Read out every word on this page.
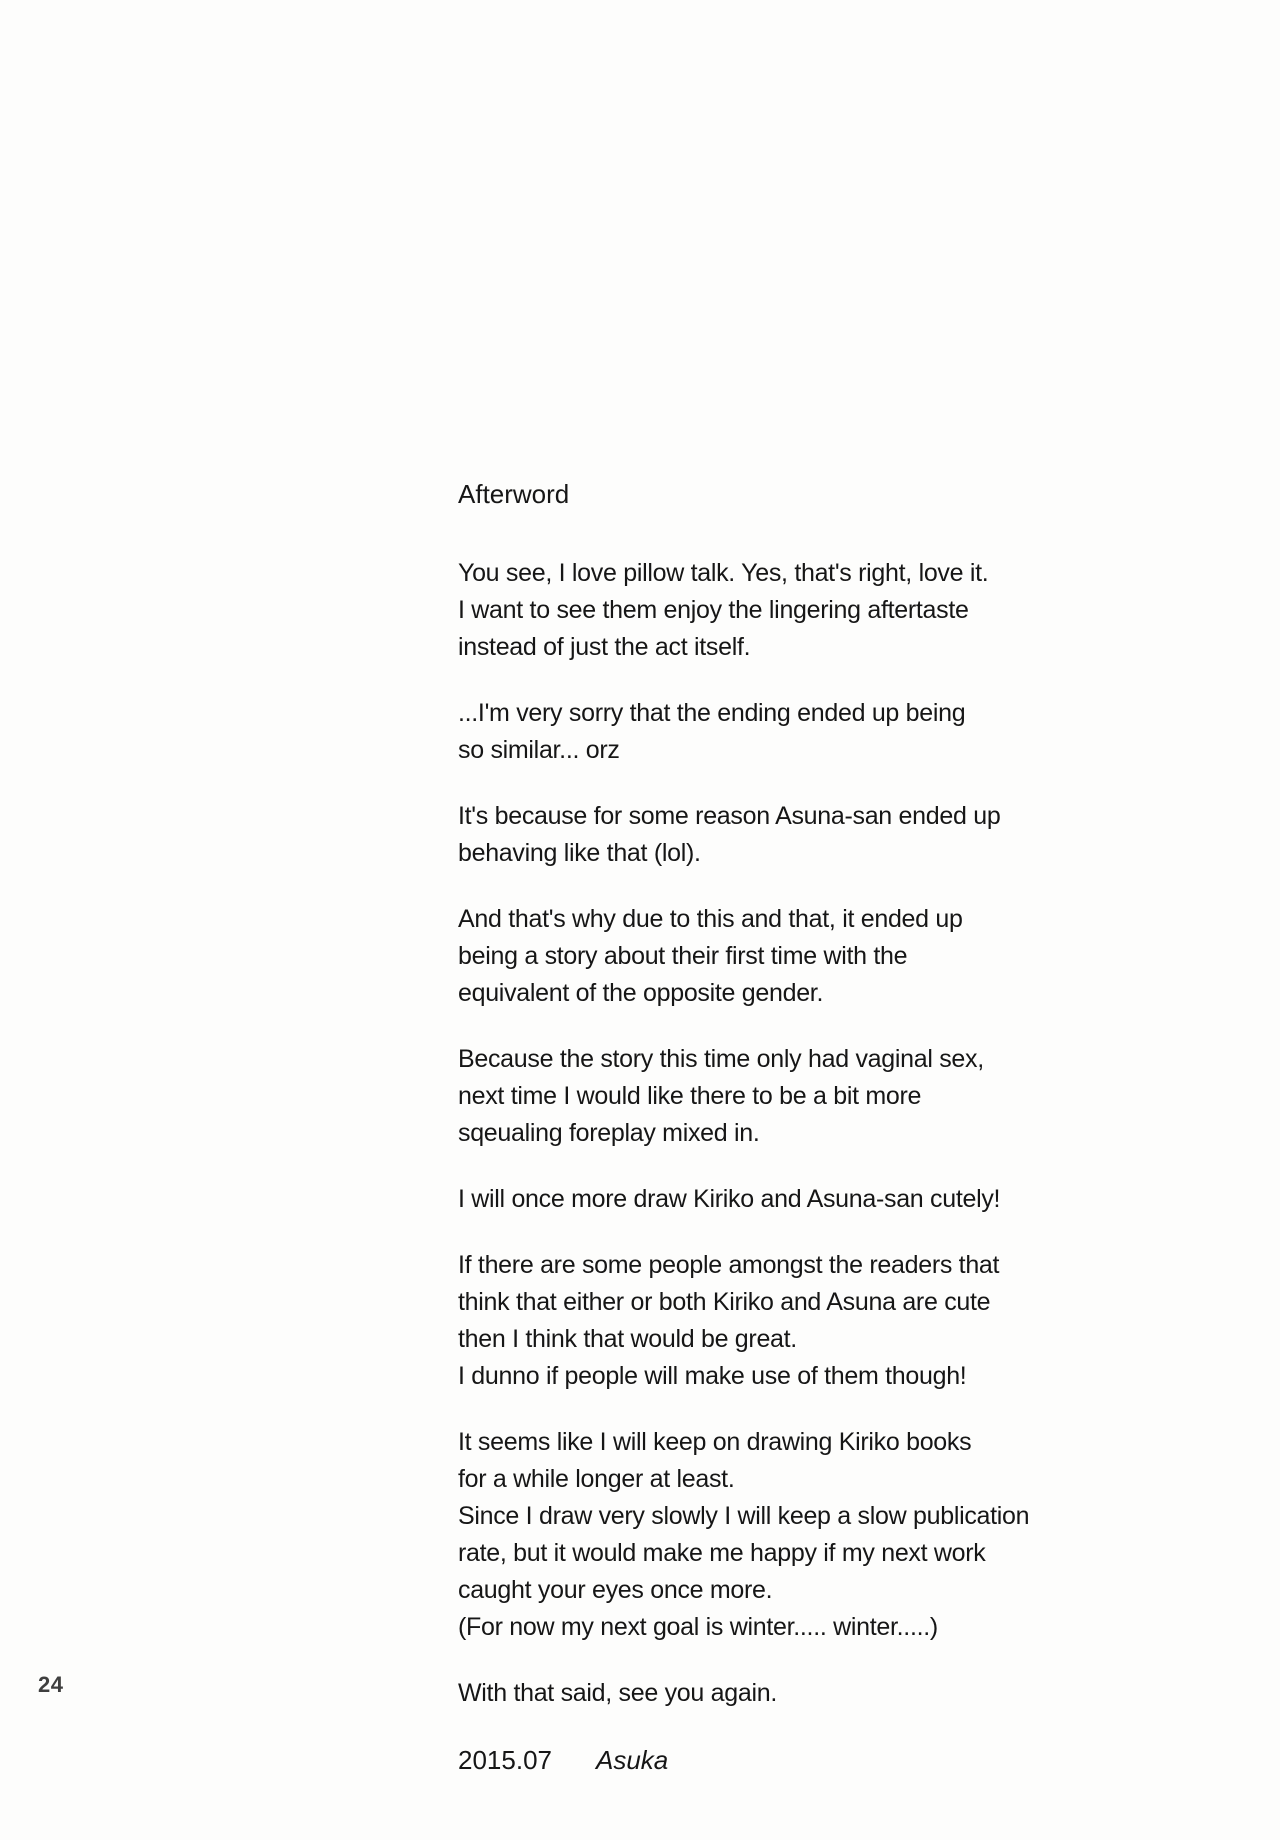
24
Afterword
You see, I love pillow talk. Yes, that's right, love it.
I want to see them enjoy the lingering aftertaste
instead of just the act itself.
...I'm very sorry that the ending ended up being
so similar... orz
It's because for some reason Asuna-san ended up
behaving like that (lol).
And that's why due to this and that, it ended up
being a story about their first time with the
equivalent of the opposite gender.
Because the story this time only had vaginal sex,
next time I would like there to be a bit more
sqeualing foreplay mixed in.
I will once more draw Kiriko and Asuna-san cutely!
If there are some people amongst the readers that
think that either or both Kiriko and Asuna are cute
then I think that would be great.
I dunno if people will make use of them though!
It seems like I will keep on drawing Kiriko books
for a while longer at least.
Since I draw very slowly I will keep a slow publication
rate, but it would make me happy if my next work
caught your eyes once more.
(For now my next goal is winter..... winter.....)
With that said, see you again.
2015.07 Asuka
